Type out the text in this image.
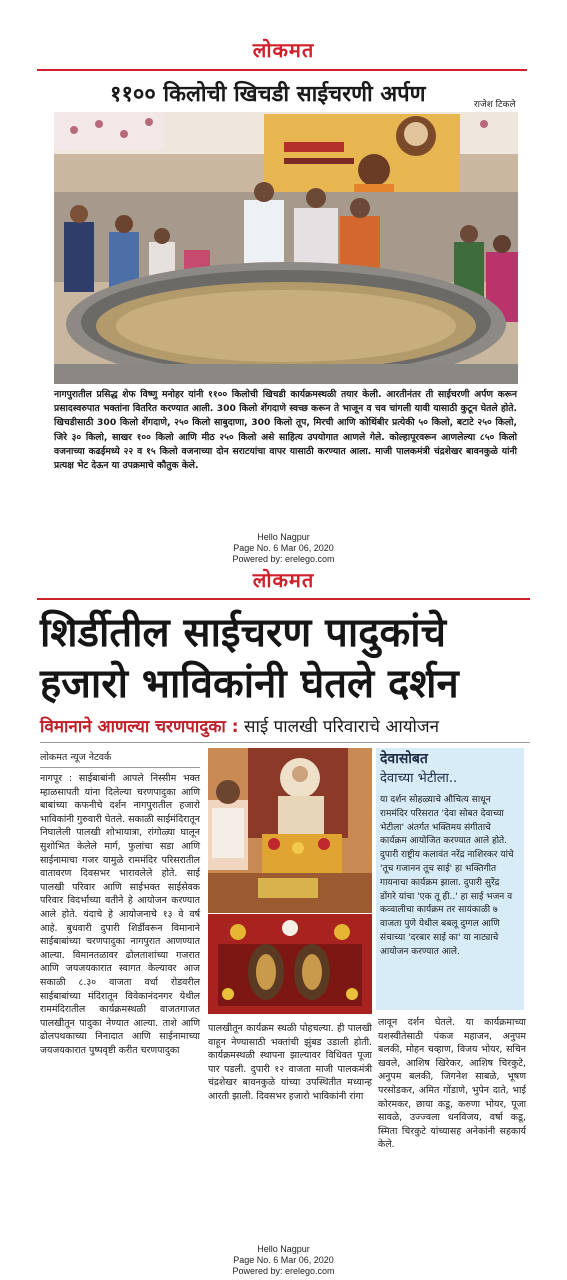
लोकमत
११०० किलोची खिचडी साईचरणी अर्पण	राजेश टिकले
नागपुरातील प्रसिद्ध शेफ विष्णु मनोहर यांनी ११०० किलोची खिचडी कार्यक्रमस्थळी तयार केली. आरतीनंतर ती साईचरणी अर्पण करून प्रसादस्वरुपात भक्तांना वितरित करण्यात आली. 300 किलो शेंगदाणे स्वच्छ करून ते भाजून व चव चांगली यावी यासाठी कुटून घेतले होते. खिचडीसाठी 300 किलो शेंगदाणे, २५० किलो साबुदाणा, 300 किलो तूप, मिरची आणि कोथिंबीर प्रत्येकी ५० किलो, बटाटे २५० किलो, जिरे ३० किलो, साखर १०० किलो आणि मीठ २५० किलो असे साहित्य उपयोगात आणले गेले. कोल्हापूरवरून आणलेल्या ८५० किलो वजनाच्या कढईमध्ये २२ व १५ किलो वजनाच्या दोन सराटयांचा वापर यासाठी करण्यात आला. माजी पालकमंत्री चंद्रशेखर बावनकुळे यांनी प्रत्यक्ष भेट देऊन या उपक्रमाचे कौतुक केले.
Hello Nagpur
Page No. 6 Mar 06, 2020
Powered by: erelego.com
लोकमत
शिर्डीतील साईचरण पादुकांचे
हजारो भाविकांनी घेतले दर्शन
विमानाने आणल्या चरणपादुका : साई पालखी परिवाराचे आयोजन
लोकमत न्यूज नेटवर्क
नागपूर : साईबाबांनी आपले निस्सीम भक्त म्हाळसापती यांना दिलेल्या चरणपादुका आणि बाबांच्या कफनीचे दर्शन नागपुरातील हजारो भाविकांनी गुरुवारी घेतले. सकाळी साईमंदिरातून निघालेली पालखी शोभायात्रा, रांगोळ्या घालून सुशोभित केलेले मार्ग, फुलांचा सडा आणि साईनामाचा गजर यामुळे राममंदिर परिसरातील वातावरण दिवसभर भारावलेले होते. साई पालखी परिवार आणि साईभक्त साईसेवक परिवार विदर्भाच्या वतीने हे आयोजन करण्यात आले होते. यंदाचे हे आयोजनाचे १३ वे वर्ष आहे. बुधवारी दुपारी शिर्डीवरून विमानाने साईबाबांच्या चरणपादुका नागपुरात आणण्यात आल्या. विमानतळावर ढोलताशांच्या गजरात आणि जयजयकारात स्वागत केल्यावर आज सकाळी ८.३० वाजता वर्धा रोडवरील साईबाबांच्या मंदिरातून विवेकानंदनगर येथील राममंदिरातील कार्यक्रमस्थळी वाजतगाजत पालखीतून पादुका नेण्यात आल्या. ताशे आणि ढोलपथकाच्या निनादात आणि साईनामाच्या जयजयकारात पुष्पवृष्टी करीत चरणपादुका
पालखीतून कार्यक्रम स्थळी पोहचल्या. ही पालखी वाहून नेण्यासाठी भक्तांची झुंबड उडाली होती. कार्यक्रमस्थळी स्थापना झाल्यावर विधिवत पूजा पार पडली. दुपारी १२ वाजता माजी पालकमंत्री चंद्रशेखर बावनकुळे यांच्या उपस्थितीत मध्यान्ह आरती झाली. दिवसभर हजारो भाविकांनी रांगा
देवासोबत
देवाच्या भेटीला..
या दर्शन सोहळ्याचे औचित्य साधून राममंदिर परिसरात 'देवा सोबत देवाच्या भेटीला' अंतर्गत भक्तिमय संगीताचे कार्यक्रम आयोजित करण्यात आले होते. दुपारी राष्ट्रीय कलावंत नरेंद्र नाशिरकर यांचे 'तूच गजानन तूच साई' हा भक्तिगीत गायनाचा कार्यक्रम झाला. दुपारी सुरेंद्र डोंगरे यांचा 'एक तू ही..' हा साई भजन व कव्वालीचा कार्यक्रम तर सायंकाळी ७ वाजता पुणे येथील बबलू दुग्गल आणि संचाच्या 'दरबार साई का' या नाट्याचे आयोजन करण्यात आले.
लावून दर्शन घेतले. या कार्यक्रमाच्या यशस्वीतेसाठी पंकज महाजन, अनुपम बलकी, मोहन चव्हाण, विजय भोयर, सचिन खवले, आशिष खिरेकर, आशिष चिरकुटे, अनुपम बलकी, जिगनेश साबळे, भूषण परसोडकर, अमित गोंडाणे, भुपेन दाते, भाई कोरमकर, छाया कडू, करुणा भोयर, पूजा सावळे, उज्ज्वला धनविजय, वर्षा कडू, स्मिता चिरकुटे यांच्यासह अनेकांनी सहकार्य केले.
Hello Nagpur
Page No. 6 Mar 06, 2020
Powered by: erelego.com
